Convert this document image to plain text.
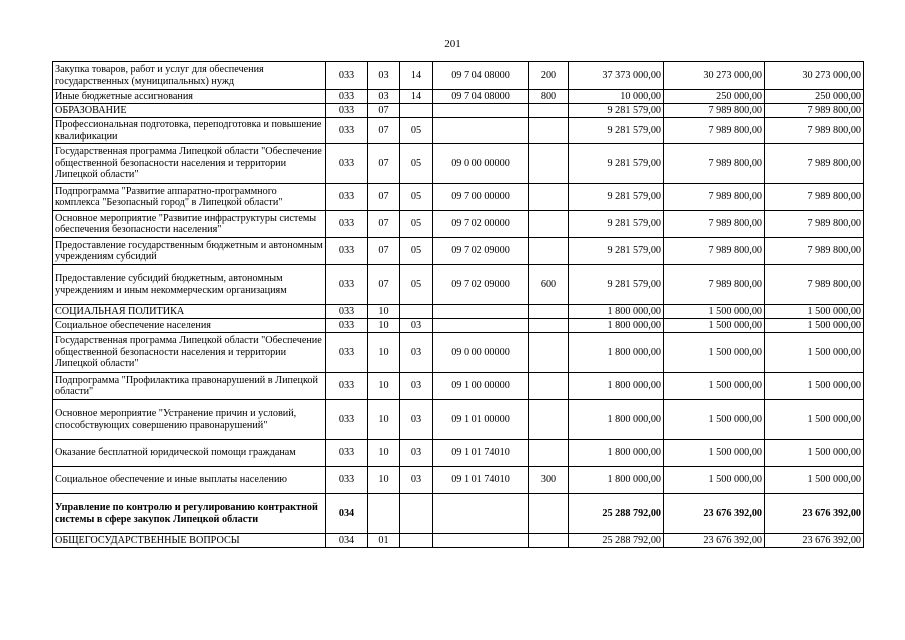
201
Закупка товаров, работ и услуг для обеспечения государственных (муниципальных) нужд	033	03	14	09 7 04 08000	200	37 373 000,00	30 273 000,00	30 273 000,00
Иные бюджетные ассигнования	033	03	14	09 7 04 08000	800	10 000,00	250 000,00	250 000,00
ОБРАЗОВАНИЕ	033	07				9 281 579,00	7 989 800,00	7 989 800,00
Профессиональная подготовка, переподготовка и повышение квалификации	033	07	05			9 281 579,00	7 989 800,00	7 989 800,00
Государственная программа Липецкой области "Обеспечение общественной безопасности населения и территории Липецкой области"	033	07	05	09 0 00 00000		9 281 579,00	7 989 800,00	7 989 800,00
Подпрограмма "Развитие аппаратно-программного комплекса "Безопасный город" в Липецкой области"	033	07	05	09 7 00 00000		9 281 579,00	7 989 800,00	7 989 800,00
Основное мероприятие "Развитие инфраструктуры системы обеспечения безопасности населения"	033	07	05	09 7 02 00000		9 281 579,00	7 989 800,00	7 989 800,00
Предоставление государственным бюджетным и автономным учреждениям субсидий	033	07	05	09 7 02 09000		9 281 579,00	7 989 800,00	7 989 800,00
Предоставление субсидий бюджетным, автономным учреждениям и иным некоммерческим организациям	033	07	05	09 7 02 09000	600	9 281 579,00	7 989 800,00	7 989 800,00
СОЦИАЛЬНАЯ ПОЛИТИКА	033	10				1 800 000,00	1 500 000,00	1 500 000,00
Социальное обеспечение населения	033	10	03			1 800 000,00	1 500 000,00	1 500 000,00
Государственная программа Липецкой области "Обеспечение общественной безопасности населения и территории Липецкой области"	033	10	03	09 0 00 00000		1 800 000,00	1 500 000,00	1 500 000,00
Подпрограмма "Профилактика правонарушений в Липецкой области"	033	10	03	09 1 00 00000		1 800 000,00	1 500 000,00	1 500 000,00
Основное мероприятие "Устранение причин и условий, способствующих совершению правонарушений"	033	10	03	09 1 01 00000		1 800 000,00	1 500 000,00	1 500 000,00
Оказание бесплатной юридической помощи гражданам	033	10	03	09 1 01 74010		1 800 000,00	1 500 000,00	1 500 000,00
Социальное обеспечение и иные выплаты населению	033	10	03	09 1 01 74010	300	1 800 000,00	1 500 000,00	1 500 000,00
Управление по контролю и регулированию контрактной системы в сфере закупок Липецкой области	034					25 288 792,00	23 676 392,00	23 676 392,00
ОБЩЕГОСУДАРСТВЕННЫЕ ВОПРОСЫ	034	01				25 288 792,00	23 676 392,00	23 676 392,00
